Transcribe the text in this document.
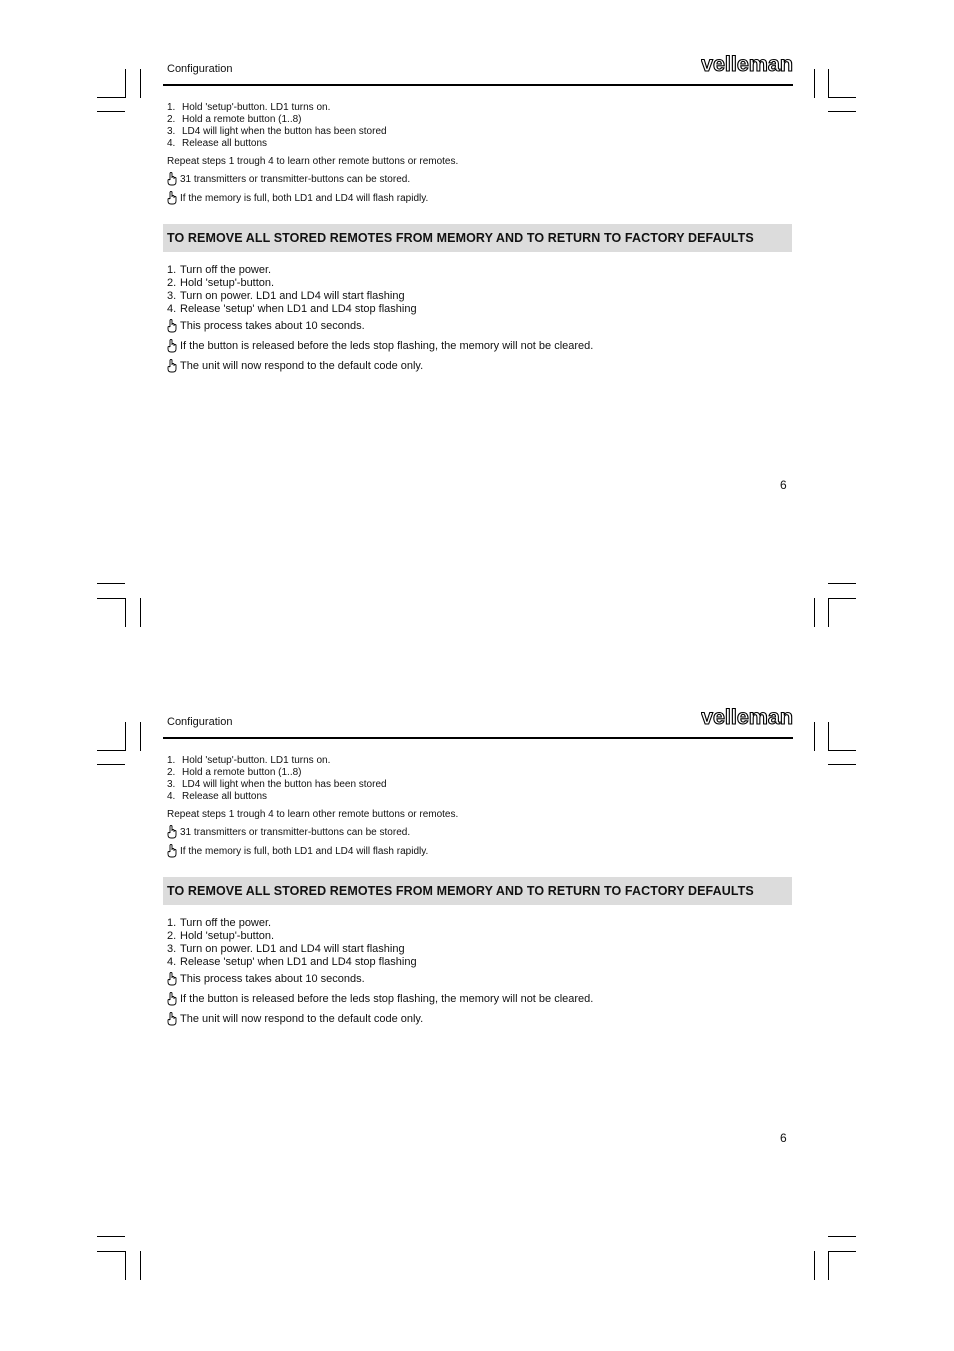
Configuration	velleman
1. Hold 'setup'-button. LD1 turns on.
2. Hold a remote button (1..8)
3. LD4 will light when the button has been stored
4. Release all buttons
Repeat steps 1 trough 4 to learn other remote buttons or remotes.
31 transmitters or transmitter-buttons can be stored.
If the memory is full, both LD1 and LD4 will flash rapidly.
TO REMOVE ALL STORED REMOTES FROM MEMORY AND TO RETURN TO FACTORY DEFAULTS
1. Turn off the power.
2. Hold 'setup'-button.
3. Turn on power. LD1 and LD4 will start flashing
4. Release 'setup' when LD1 and LD4 stop flashing
This process takes about 10 seconds.
If the button is released before the leds stop flashing, the memory will not be cleared.
The unit will now respond to the default code only.
6
Configuration	velleman
1. Hold 'setup'-button. LD1 turns on.
2. Hold a remote button (1..8)
3. LD4 will light when the button has been stored
4. Release all buttons
Repeat steps 1 trough 4 to learn other remote buttons or remotes.
31 transmitters or transmitter-buttons can be stored.
If the memory is full, both LD1 and LD4 will flash rapidly.
TO REMOVE ALL STORED REMOTES FROM MEMORY AND TO RETURN TO FACTORY DEFAULTS
1. Turn off the power.
2. Hold 'setup'-button.
3. Turn on power. LD1 and LD4 will start flashing
4. Release 'setup' when LD1 and LD4 stop flashing
This process takes about 10 seconds.
If the button is released before the leds stop flashing, the memory will not be cleared.
The unit will now respond to the default code only.
6
